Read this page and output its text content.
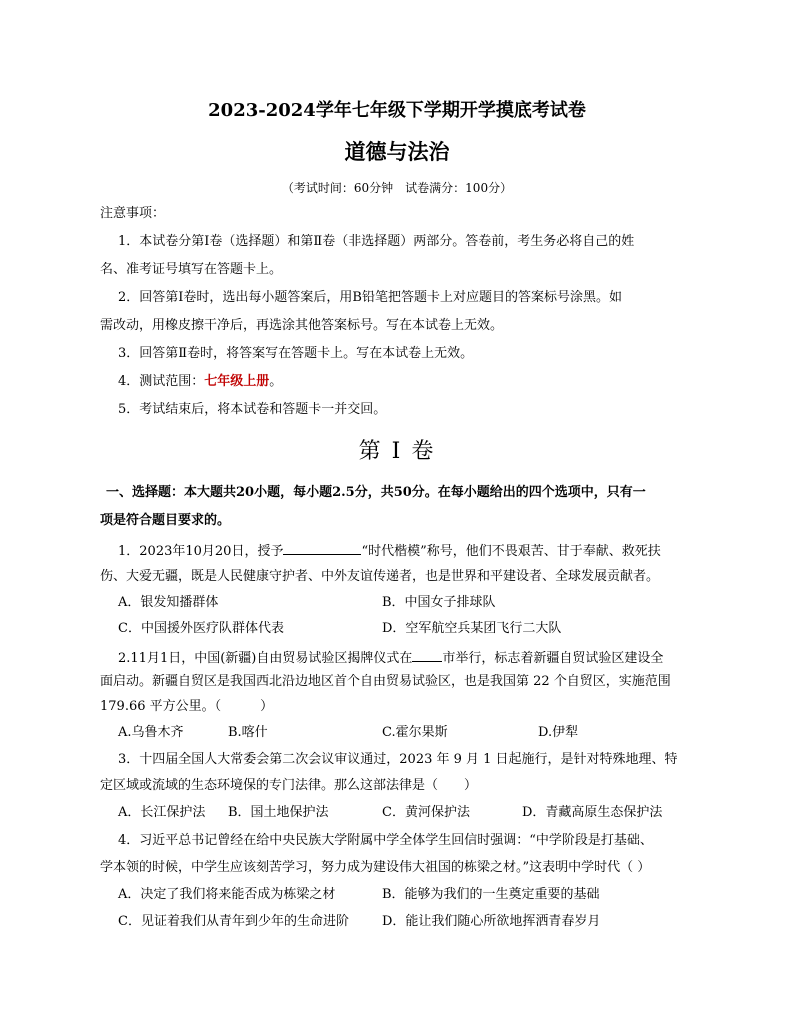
2023-2024学年七年级下学期开学摸底考试卷
道德与法治
（考试时间：60分钟　试卷满分：100分）
注意事项：
1．本试卷分第Ⅰ卷（选择题）和第Ⅱ卷（非选择题）两部分。答卷前，考生务必将自己的姓
名、准考证号填写在答题卡上。
2．回答第Ⅰ卷时，选出每小题答案后，用B铅笔把答题卡上对应题目的答案标号涂黑。如
需改动，用橡皮擦干净后，再选涂其他答案标号。写在本试卷上无效。
3．回答第Ⅱ卷时，将答案写在答题卡上。写在本试卷上无效。
4．测试范围：七年级上册。
5．考试结束后，将本试卷和答题卡一并交回。
第 I 卷
一、选择题：本大题共20小题，每小题2.5分，共50分。在每小题给出的四个选项中，只有一
项是符合题目要求的。
1．2023年10月20日，授予	“时代楷模”称号，他们不畏艰苦、甘于奉献、救死扶
伤、大爱无疆，既是人民健康守护者、中外友谊传递者，也是世界和平建设者、全球发展贡献者。
A．银发知播群体	B．中国女子排球队
C．中国援外医疗队群体代表	D．空军航空兵某团飞行二大队
2.11月1日，中国(新疆)自由贸易试验区揭牌仪式在 市举行，标志着新疆自贸试验区建设全
面启动。新疆自贸区是我国西北沿边地区首个自由贸易试验区，也是我国第 22 个自贸区，实施范围
179.66 平方公里。（　　　）
A.乌鲁木齐	B.喀什	C.霍尔果斯	D.伊犁
3．十四届全国人大常委会第二次会议审议通过，2023 年 9 月 1 日起施行，是针对特殊地理、特
定区域或流域的生态环境保的专门法律。那么这部法律是（　　）
A．长江保护法 B．国土地保护法	C．黄河保护法	D．青藏高原生态保护法
4．习近平总书记曾经在给中央民族大学附属中学全体学生回信时强调：“中学阶段是打基础、
学本领的时候，中学生应该刻苦学习，努力成为建设伟大祖国的栋梁之材。”这表明中学时代（ ）
A．决定了我们将来能否成为栋梁之材	B．能够为我们的一生奠定重要的基础
C．见证着我们从青年到少年的生命进阶	D．能让我们随心所欲地挥洒青春岁月
